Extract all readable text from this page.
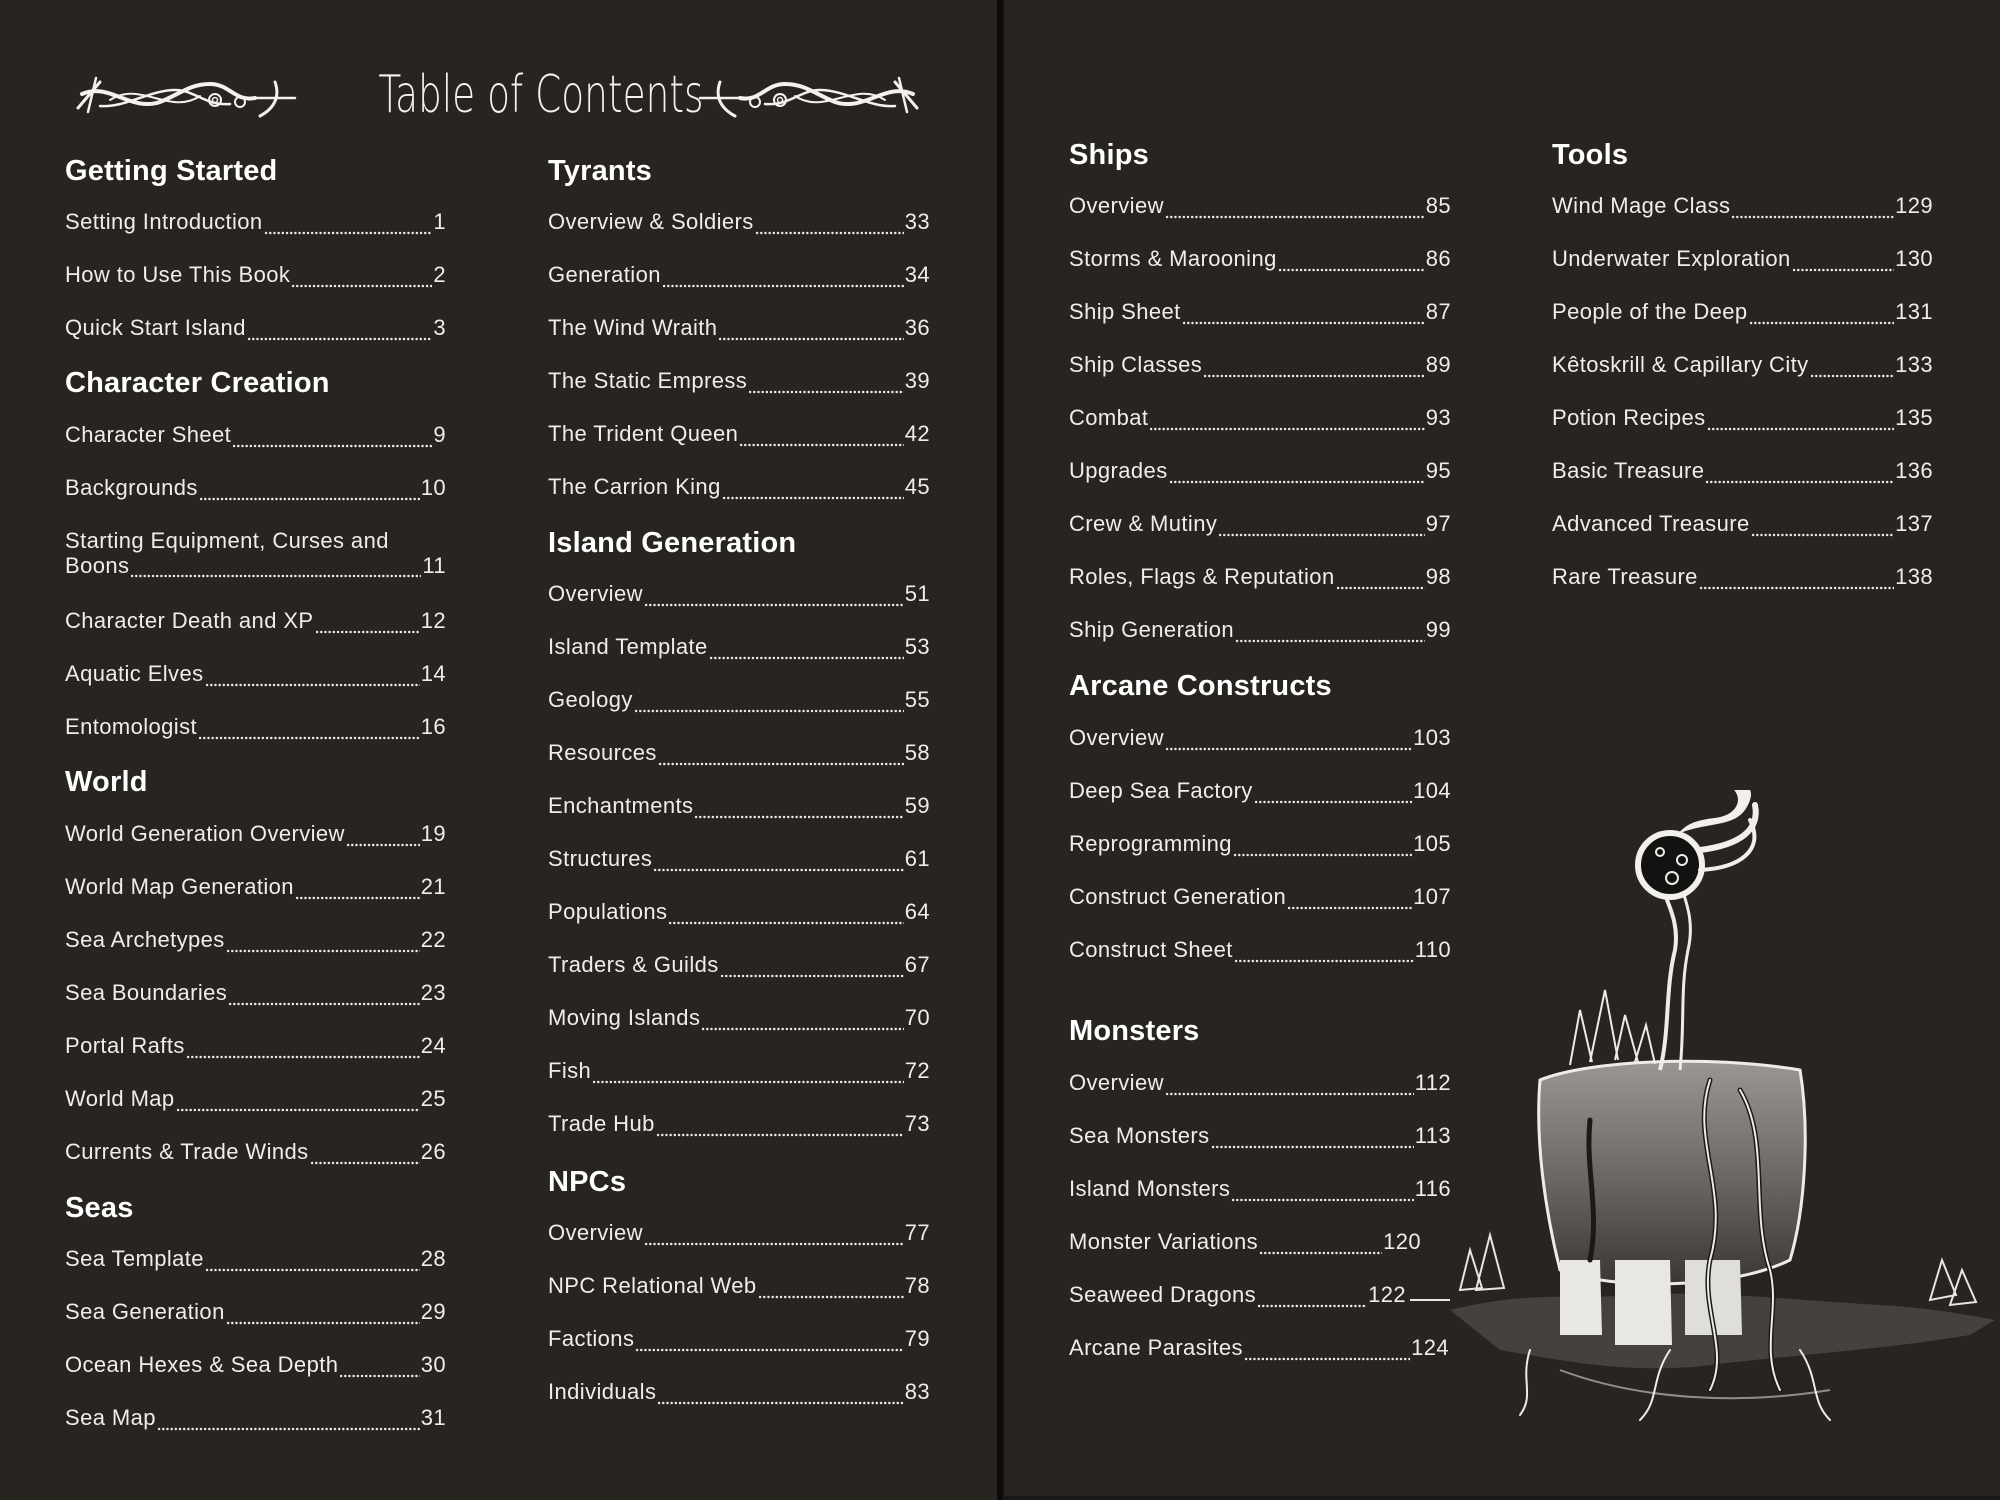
Table of Contents
Getting Started
Setting Introduction	1
How to Use This Book	2
Quick Start Island	3
Character Creation
Character Sheet	9
Backgrounds	10
Starting Equipment, Curses and
Boons	11
Character Death and XP	12
Aquatic Elves	14
Entomologist	16
World
World Generation Overview	19
World Map Generation	21
Sea Archetypes	22
Sea Boundaries	23
Portal Rafts	24
World Map	25
Currents & Trade Winds	26
Seas
Sea Template	28
Sea Generation	29
Ocean Hexes & Sea Depth	30
Sea Map	31
Tyrants
Overview & Soldiers	33
Generation	34
The Wind Wraith	36
The Static Empress	39
The Trident Queen	42
The Carrion King	45
Island Generation
Overview	51
Island Template	53
Geology	55
Resources	58
Enchantments	59
Structures	61
Populations	64
Traders & Guilds	67
Moving Islands	70
Fish	72
Trade Hub	73
NPCs
Overview	77
NPC Relational Web	78
Factions	79
Individuals	83
Ships
Overview	85
Storms & Marooning	86
Ship Sheet	87
Ship Classes	89
Combat	93
Upgrades	95
Crew & Mutiny	97
Roles, Flags & Reputation	98
Ship Generation	99
Arcane Constructs
Overview	103
Deep Sea Factory	104
Reprogramming	105
Construct Generation	107
Construct Sheet	110
Monsters
Overview	112
Sea Monsters	113
Island Monsters	116
Monster Variations	120
Seaweed Dragons	122
Arcane Parasites	124
Tools
Wind Mage Class	129
Underwater Exploration	130
People of the Deep	131
Kêtoskrill & Capillary City	133
Potion Recipes	135
Basic Treasure	136
Advanced Treasure	137
Rare Treasure	138
